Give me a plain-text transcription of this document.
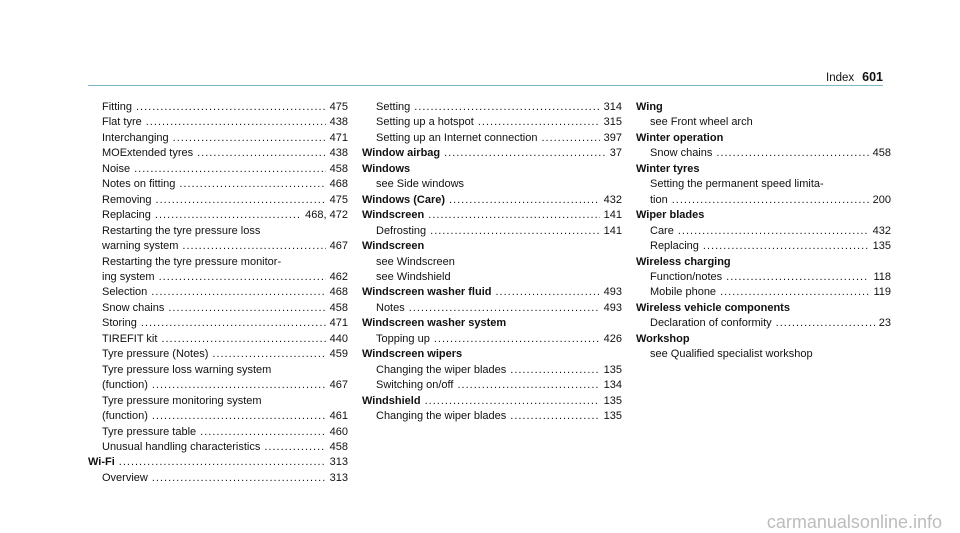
Index 601
Fitting .....	475
Flat tyre .....	438
Interchanging .....	471
MOExtended tyres .....	438
Noise .....	458
Notes on fitting .....	468
Removing .....	475
Replacing .....	468, 472
Restarting the tyre pressure loss
warning system .....	467
Restarting the tyre pressure monitor-
ing system .....	462
Selection .....	468
Snow chains .....	458
Storing .....	471
TIREFIT kit .....	440
Tyre pressure (Notes) .....	459
Tyre pressure loss warning system
(function) .....	467
Tyre pressure monitoring system
(function) .....	461
Tyre pressure table .....	460
Unusual handling characteristics .....	458
Wi-Fi .....	313
Overview .....	313
Setting .....	314
Setting up a hotspot .....	315
Setting up an Internet connection .....	397
Window airbag .....	37
Windows
see Side windows
Windows (Care) .....	432
Windscreen .....	141
Defrosting .....	141
Windscreen
see Windscreen
see Windshield
Windscreen washer fluid .....	493
Notes .....	493
Windscreen washer system
Topping up .....	426
Windscreen wipers
Changing the wiper blades .....	135
Switching on/off .....	134
Windshield .....	135
Changing the wiper blades .....	135
Wing
see Front wheel arch
Winter operation
Snow chains .....	458
Winter tyres
Setting the permanent speed limita-
tion .....	200
Wiper blades
Care .....	432
Replacing .....	135
Wireless charging
Function/notes .....	118
Mobile phone .....	119
Wireless vehicle components
Declaration of conformity .....	23
Workshop
see Qualified specialist workshop
carmanualsonline.info
